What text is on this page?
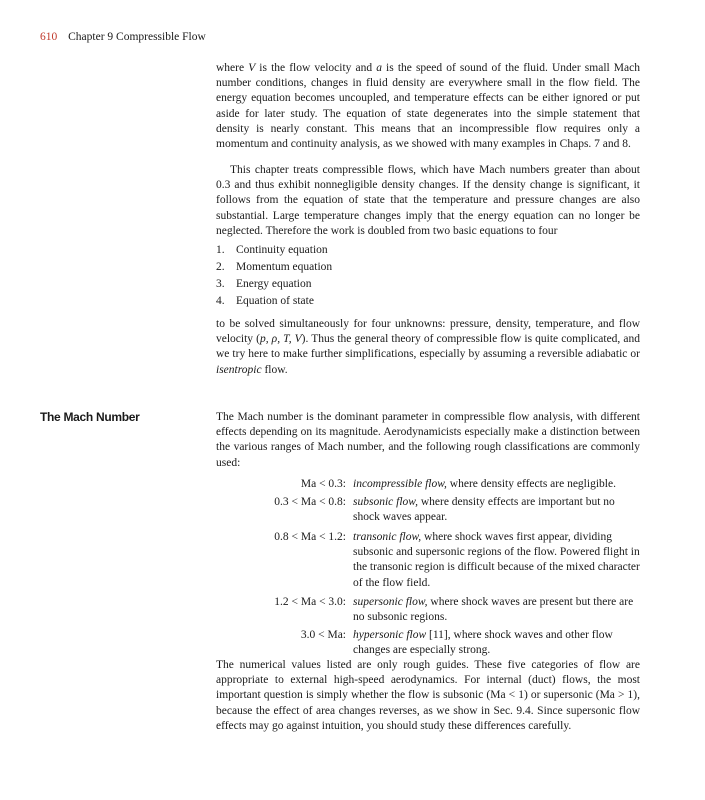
610 Chapter 9 Compressible Flow

where V is the flow velocity and a is the speed of sound of the fluid. Under small Mach number conditions, changes in fluid density are everywhere small in the flow field. The energy equation becomes uncoupled, and temperature effects can be either ignored or put aside for later study. The equation of state degenerates into the simple statement that density is nearly constant. This means that an incompressible flow requires only a momentum and continuity analysis, as we showed with many examples in Chaps. 7 and 8.

This chapter treats compressible flows, which have Mach numbers greater than about 0.3 and thus exhibit nonnegligible density changes. If the density change is significant, it follows from the equation of state that the temperature and pressure changes are also substantial. Large temperature changes imply that the energy equation can no longer be neglected. Therefore the work is doubled from two basic equations to four

1. Continuity equation
2. Momentum equation
3. Energy equation
4. Equation of state

to be solved simultaneously for four unknowns: pressure, density, temperature, and flow velocity (p, ρ, T, V). Thus the general theory of compressible flow is quite complicated, and we try here to make further simplifications, especially by assuming a reversible adiabatic or isentropic flow.

The Mach Number	The Mach number is the dominant parameter in compressible flow analysis, with different effects depending on its magnitude. Aerodynamicists especially make a distinction between the various ranges of Mach number, and the following rough classifications are commonly used:

Ma < 0.3: incompressible flow, where density effects are negligible.
0.3 < Ma < 0.8: subsonic flow, where density effects are important but no shock waves appear.
0.8 < Ma < 1.2: transonic flow, where shock waves first appear, dividing subsonic and supersonic regions of the flow. Powered flight in the transonic region is difficult because of the mixed character of the flow field.
1.2 < Ma < 3.0: supersonic flow, where shock waves are present but there are no subsonic regions.
3.0 < Ma: hypersonic flow [11], where shock waves and other flow changes are especially strong.

The numerical values listed are only rough guides. These five categories of flow are appropriate to external high-speed aerodynamics. For internal (duct) flows, the most important question is simply whether the flow is subsonic (Ma < 1) or supersonic (Ma > 1), because the effect of area changes reverses, as we show in Sec. 9.4. Since supersonic flow effects may go against intuition, you should study these differences carefully.
